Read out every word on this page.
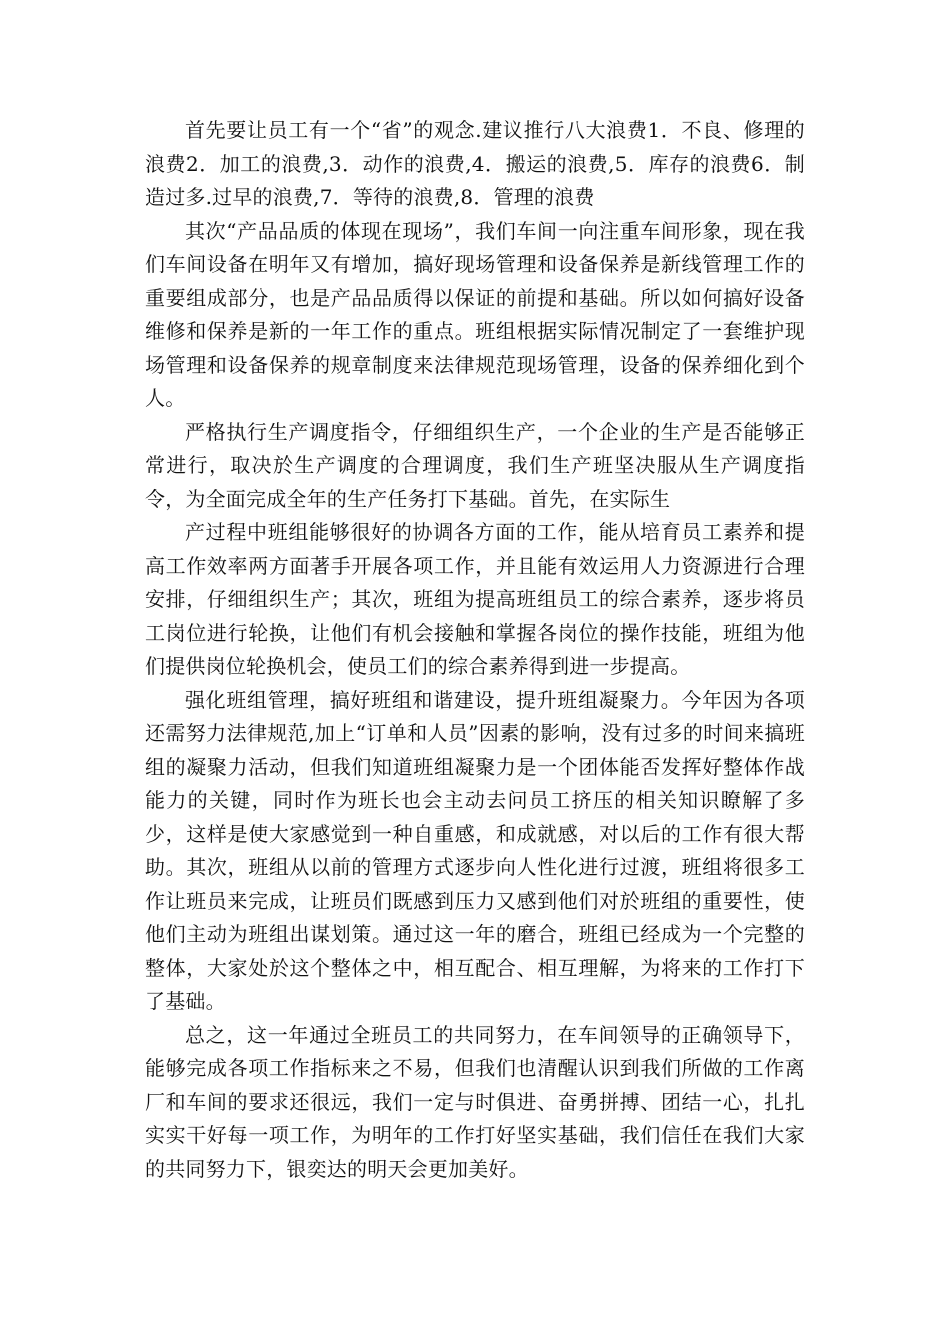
首先要让员工有一个“省”的观念.建议推行八大浪费1．不良、修理的浪费2．加工的浪费,3．动作的浪费,4．搬运的浪费,5．库存的浪费6．制造过多.过早的浪费,7．等待的浪费,8．管理的浪费

其次“产品品质的体现在现场”，我们车间一向注重车间形象，现在我们车间设备在明年又有增加，搞好现场管理和设备保养是新线管理工作的重要组成部分，也是产品品质得以保证的前提和基础。所以如何搞好设备维修和保养是新的一年工作的重点。班组根据实际情况制定了一套维护现场管理和设备保养的规章制度来法律规范现场管理，设备的保养细化到个人。

严格执行生产调度指令，仔细组织生产，一个企业的生产是否能够正常进行，取决於生产调度的合理调度，我们生产班坚决服从生产调度指令，为全面完成全年的生产任务打下基础。首先，在实际生

产过程中班组能够很好的协调各方面的工作，能从培育员工素养和提高工作效率两方面著手开展各项工作，并且能有效运用人力资源进行合理安排，仔细组织生产；其次，班组为提高班组员工的综合素养，逐步将员工岗位进行轮换，让他们有机会接触和掌握各岗位的操作技能，班组为他们提供岗位轮换机会，使员工们的综合素养得到进一步提高。

强化班组管理，搞好班组和谐建设，提升班组凝聚力。今年因为各项还需努力法律规范,加上“订单和人员”因素的影响，没有过多的时间来搞班组的凝聚力活动，但我们知道班组凝聚力是一个团体能否发挥好整体作战能力的关键，同时作为班长也会主动去问员工挤压的相关知识瞭解了多少，这样是使大家感觉到一种自重感，和成就感，对以后的工作有很大帮助。其次，班组从以前的管理方式逐步向人性化进行过渡，班组将很多工作让班员来完成，让班员们既感到压力又感到他们对於班组的重要性，使他们主动为班组出谋划策。通过这一年的磨合，班组已经成为一个完整的整体，大家处於这个整体之中，相互配合、相互理解，为将来的工作打下了基础。

总之，这一年通过全班员工的共同努力，在车间领导的正确领导下，能够完成各项工作指标来之不易，但我们也清醒认识到我们所做的工作离厂和车间的要求还很远，我们一定与时俱进、奋勇拼搏、团结一心，扎扎实实干好每一项工作，为明年的工作打好坚实基础，我们信任在我们大家的共同努力下，银奕达的明天会更加美好。
